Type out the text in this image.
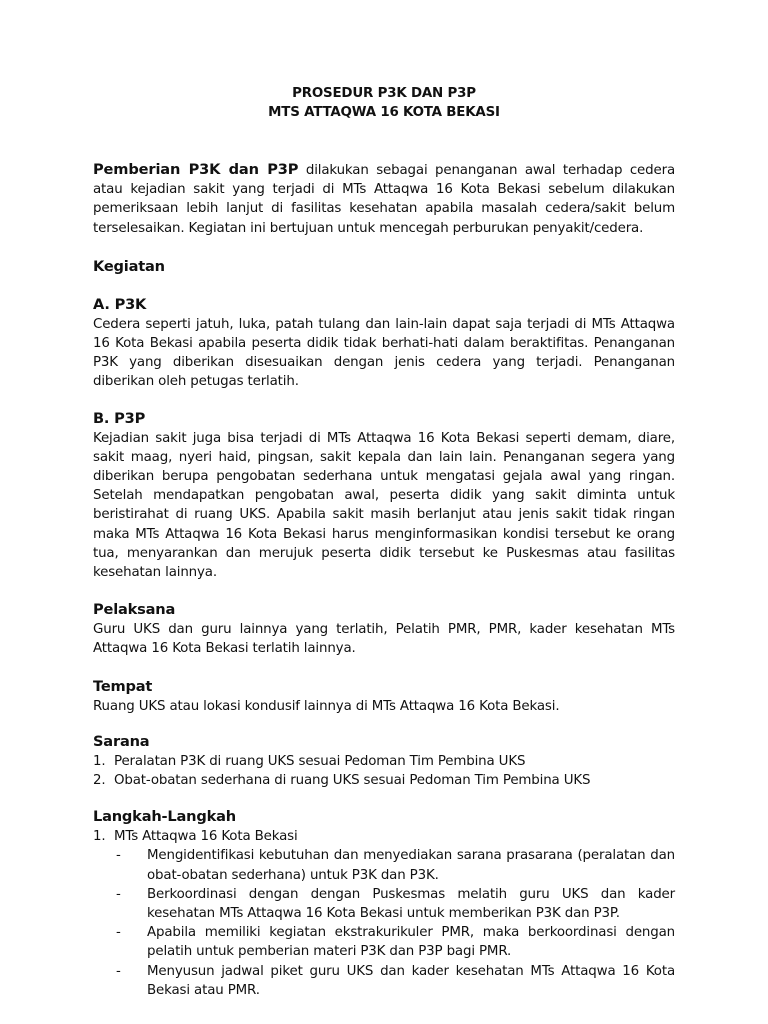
PROSEDUR P3K DAN P3P
MTS ATTAQWA 16 KOTA BEKASI

Pemberian P3K dan P3P dilakukan sebagai penanganan awal terhadap cedera atau kejadian sakit yang terjadi di MTs Attaqwa 16 Kota Bekasi sebelum dilakukan pemeriksaan lebih lanjut di fasilitas kesehatan apabila masalah cedera/sakit belum terselesaikan. Kegiatan ini bertujuan untuk mencegah perburukan penyakit/cedera.

Kegiatan
A. P3K

Cedera seperti jatuh, luka, patah tulang dan lain-lain dapat saja terjadi di MTs Attaqwa 16 Kota Bekasi apabila peserta didik tidak berhati-hati dalam beraktifitas. Penanganan P3K yang diberikan disesuaikan dengan jenis cedera yang terjadi. Penanganan diberikan oleh petugas terlatih.

B. P3P

Kejadian sakit juga bisa terjadi di MTs Attaqwa 16 Kota Bekasi seperti demam, diare, sakit maag, nyeri haid, pingsan, sakit kepala dan lain lain. Penanganan segera yang diberikan berupa pengobatan sederhana untuk mengatasi gejala awal yang ringan. Setelah mendapatkan pengobatan awal, peserta didik yang sakit diminta untuk beristirahat di ruang UKS. Apabila sakit masih berlanjut atau jenis sakit tidak ringan maka MTs Attaqwa 16 Kota Bekasi harus menginformasikan kondisi tersebut ke orang tua, menyarankan dan merujuk peserta didik tersebut ke Puskesmas atau fasilitas kesehatan lainnya.

Pelaksana

Guru UKS dan guru lainnya yang terlatih, Pelatih PMR, PMR, kader kesehatan MTs Attaqwa 16 Kota Bekasi terlatih lainnya.

Tempat

Ruang UKS atau lokasi kondusif lainnya di MTs Attaqwa 16 Kota Bekasi.

Sarana
1. Peralatan P3K di ruang UKS sesuai Pedoman Tim Pembina UKS
2. Obat-obatan sederhana di ruang UKS sesuai Pedoman Tim Pembina UKS
Langkah-Langkah
1. MTs Attaqwa 16 Kota Bekasi
-	Mengidentifikasi kebutuhan dan menyediakan sarana prasarana (peralatan dan obat-obatan sederhana) untuk P3K dan P3K.
-	Berkoordinasi dengan dengan Puskesmas melatih guru UKS dan kader kesehatan MTs Attaqwa 16 Kota Bekasi untuk memberikan P3K dan P3P.
-	Apabila memiliki kegiatan ekstrakurikuler PMR, maka berkoordinasi dengan pelatih untuk pemberian materi P3K dan P3P bagi PMR.
-	Menyusun jadwal piket guru UKS dan kader kesehatan MTs Attaqwa 16 Kota Bekasi atau PMR.
